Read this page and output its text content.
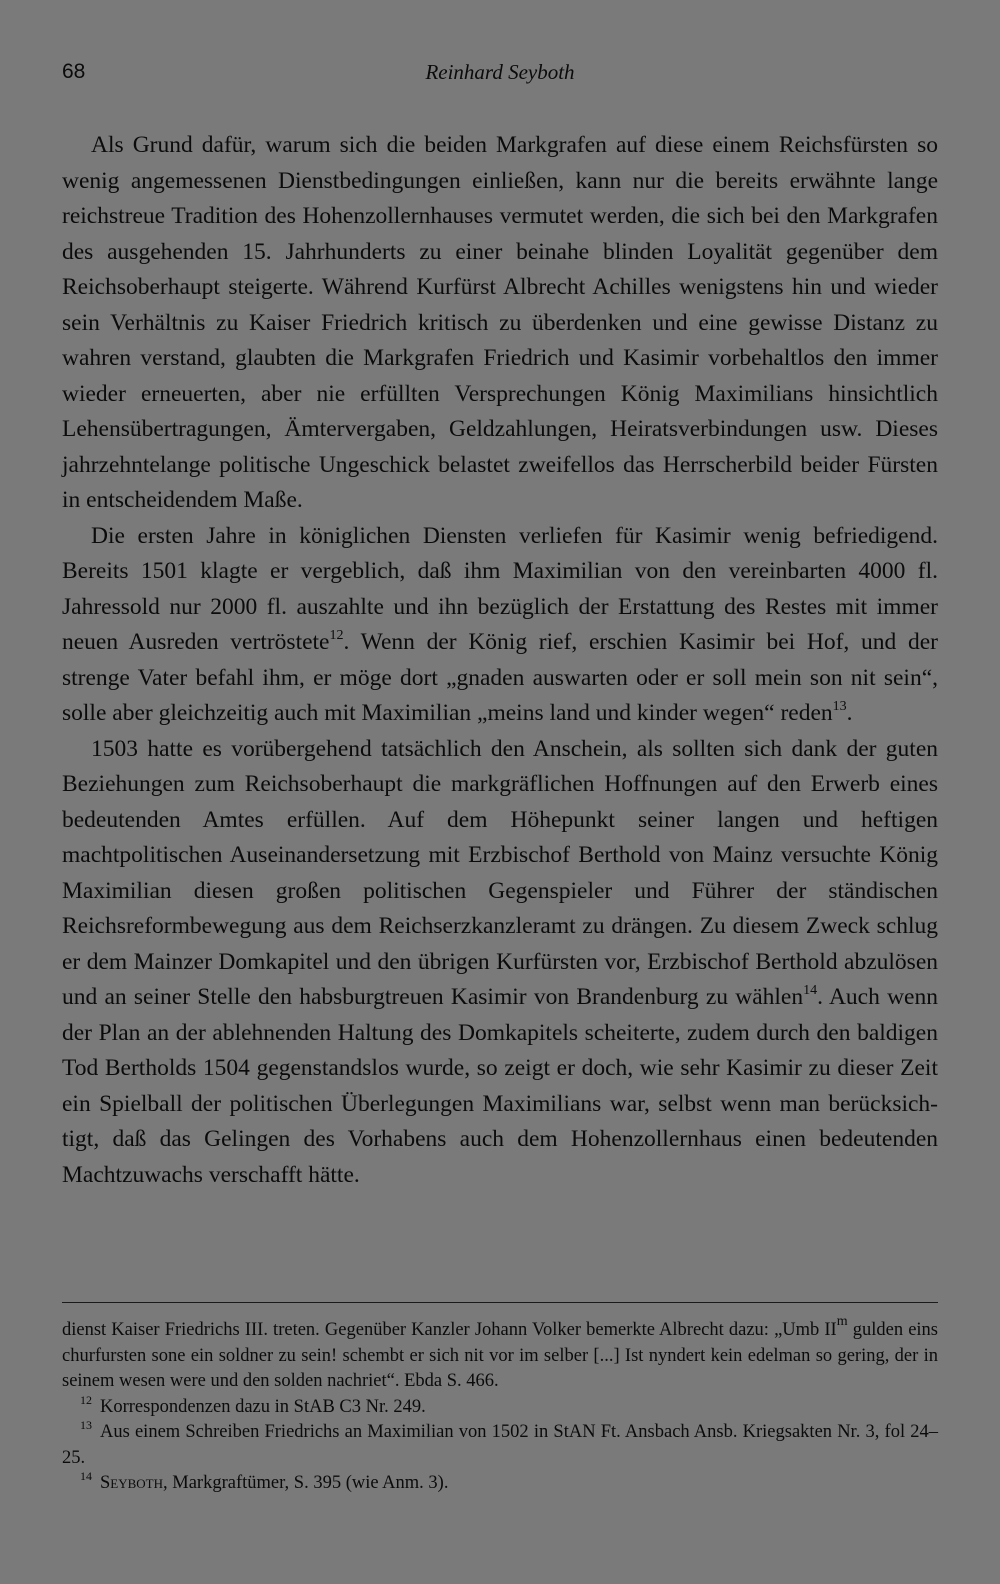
68	Reinhard Seyboth

Als Grund dafür, warum sich die beiden Markgrafen auf diese einem Reichsfürsten so wenig angemessenen Dienstbedingungen einließen, kann nur die bereits erwähnte lange reichstreue Tradition des Hohenzollernhauses vermutet werden, die sich bei den Markgrafen des ausgehenden 15. Jahrhunderts zu einer beinahe blinden Loyalität gegenüber dem Reichsoberhaupt steigerte. Während Kurfürst Albrecht Achilles wenigstens hin und wieder sein Verhältnis zu Kaiser Friedrich kritisch zu überdenken und eine gewisse Distanz zu wahren verstand, glaubten die Markgrafen Friedrich und Kasimir vorbehaltlos den immer wieder erneuerten, aber nie erfüllten Versprechungen König Maximilians hinsichtlich Lehensübertragungen, Ämtervergaben, Geldzahlungen, Heiratsverbindungen usw. Dieses jahrzehntelange politische Ungeschick belastet zweifellos das Herrscherbild beider Fürsten in entscheidendem Maße.

Die ersten Jahre in königlichen Diensten verliefen für Kasimir wenig befriedigend. Bereits 1501 klagte er vergeblich, daß ihm Maximilian von den vereinbarten 4000 fl. Jahressold nur 2000 fl. auszahlte und ihn bezüglich der Erstattung des Restes mit immer neuen Ausreden vertröstete$^{12}$. Wenn der König rief, erschien Kasimir bei Hof, und der strenge Vater befahl ihm, er möge dort „gnaden auswarten oder er soll mein son nit sein“, solle aber gleichzeitig auch mit Maximilian „meins land und kinder wegen“ reden$^{13}$.

1503 hatte es vorübergehend tatsächlich den Anschein, als sollten sich dank der guten Beziehungen zum Reichsoberhaupt die markgräflichen Hoffnungen auf den Erwerb eines bedeutenden Amtes erfüllen. Auf dem Höhepunkt seiner langen und heftigen machtpolitischen Auseinandersetzung mit Erzbischof Berthold von Mainz versuchte König Maximilian diesen großen politischen Gegenspieler und Führer der ständischen Reichsreformbewegung aus dem Reichserzkanzleramt zu drängen. Zu diesem Zweck schlug er dem Mainzer Domkapitel und den übrigen Kurfürsten vor, Erzbischof Berthold abzulösen und an seiner Stelle den habsburgtreuen Kasimir von Brandenburg zu wählen$^{14}$. Auch wenn der Plan an der ablehnenden Haltung des Domkapitels scheiterte, zudem durch den baldigen Tod Bertholds 1504 gegenstandslos wurde, so zeigt er doch, wie sehr Kasimir zu dieser Zeit ein Spielball der politischen Überlegungen Maximilians war, selbst wenn man berücksichtigt, daß das Gelingen des Vorhabens auch dem Hohenzollernhaus einen bedeutenden Machtzuwachs verschafft hätte.

dienst Kaiser Friedrichs III. treten. Gegenüber Kanzler Johann Volker bemerkte Albrecht dazu: „Umb $II^m$ gulden eins churfursten sone ein soldner zu sein! schembt er sich nit vor im selber [...] Ist nyndert kein edelman so gering, der in seinem wesen were und den solden nachriet“. Ebda S. 466.

$^{12}$ Korrespondenzen dazu in StAB C3 Nr. 249.

$^{13}$ Aus einem Schreiben Friedrichs an Maximilian von 1502 in StAN Ft. Ansbach Ansb. Kriegsakten Nr. 3, fol 24–25.

$^{14}$ Seyboth, Markgraftümer, S. 395 (wie Anm. 3).
